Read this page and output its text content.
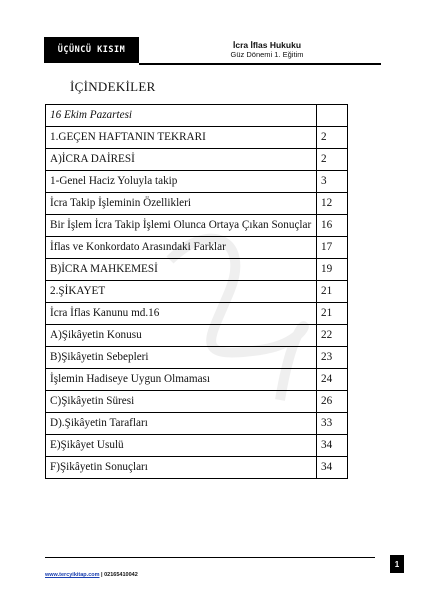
ÜÇÜNCÜ KISIM	İcra İflas Hukuku
Güz Dönemi 1. Eğitim
İÇİNDEKİLER
16 Ekim Pazartesi	
1.GEÇEN HAFTANIN TEKRARI	2
A)İCRA DAİRESİ	2
1-Genel Haciz Yoluyla takip	3
İcra Takip İşleminin Özellikleri	12
Bir İşlem İcra Takip İşlemi Olunca Ortaya Çıkan Sonuçlar	16
İflas ve Konkordato Arasındaki Farklar	17
B)İCRA MAHKEMESİ	19
2.ŞİKAYET	21
İcra İflas Kanunu md.16	21
A)Şikâyetin Konusu	22
B)Şikâyetin Sebepleri	23
İşlemin Hadiseye Uygun Olmaması	24
C)Şikâyetin Süresi	26
D).Şikâyetin Tarafları	33
E)Şikâyet Usulü	34
F)Şikâyetin Sonuçları	34
1
www.tercyikitap.com | 02165410042
